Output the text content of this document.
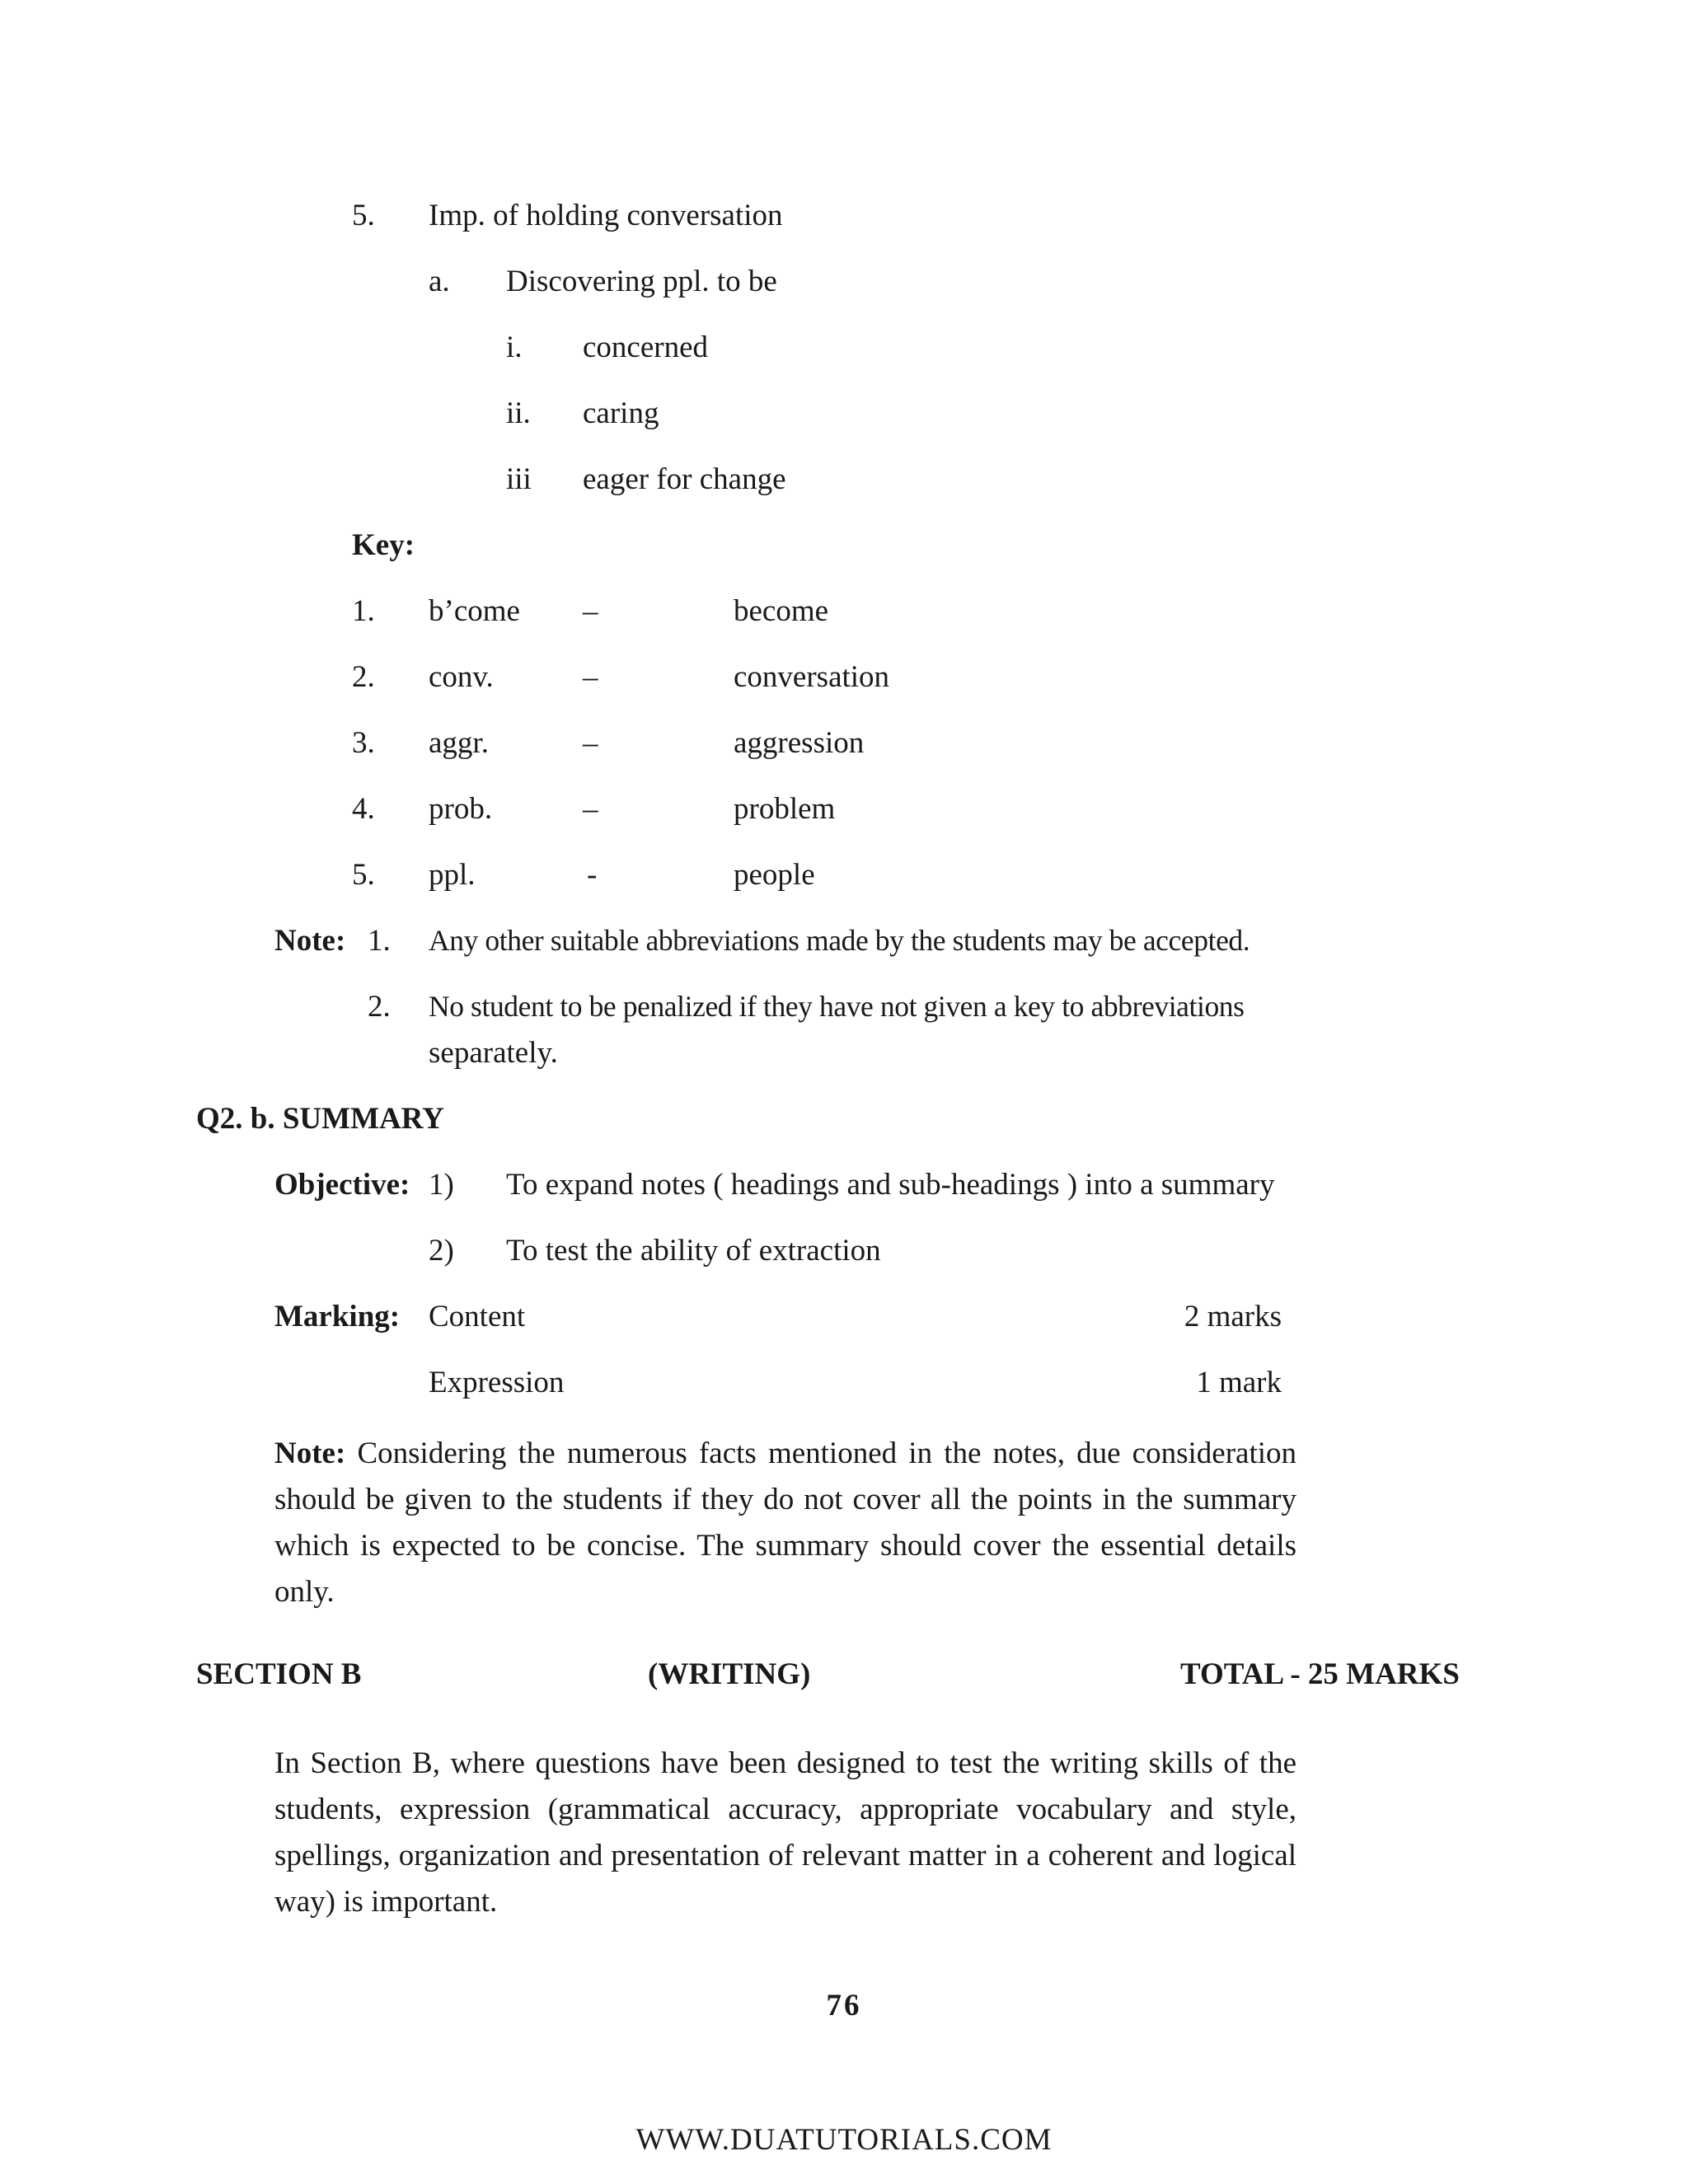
5. Imp. of holding conversation
a. Discovering ppl. to be
i. concerned
ii. caring
iii eager for change
Key:
1. b’come –	become
2. conv.	–	conversation
3. aggr.	–	aggression
4. prob.	–	problem
5. ppl.	-	people
Note: 1. Any other suitable abbreviations made by the students may be accepted.
2. No student to be penalized if they have not given a key to abbreviations
separately.
Q2. b. SUMMARY
Objective: 1) To expand notes ( headings and sub-headings ) into a summary
2) To test the ability of extraction
Marking: Content	2 marks
Expression	1 mark
Note: Considering the numerous facts mentioned in the notes, due consideration should be given to the students if they do not cover all the points in the summary which is expected to be concise. The summary should cover the essential details only.
SECTION B	(WRITING)	TOTAL - 25 MARKS
In Section B, where questions have been designed to test the writing skills of the students, expression (grammatical accuracy, appropriate vocabulary and style, spellings, organization and presentation of relevant matter in a coherent and logical way) is important.
76
WWW.DUATUTORIALS.COM
